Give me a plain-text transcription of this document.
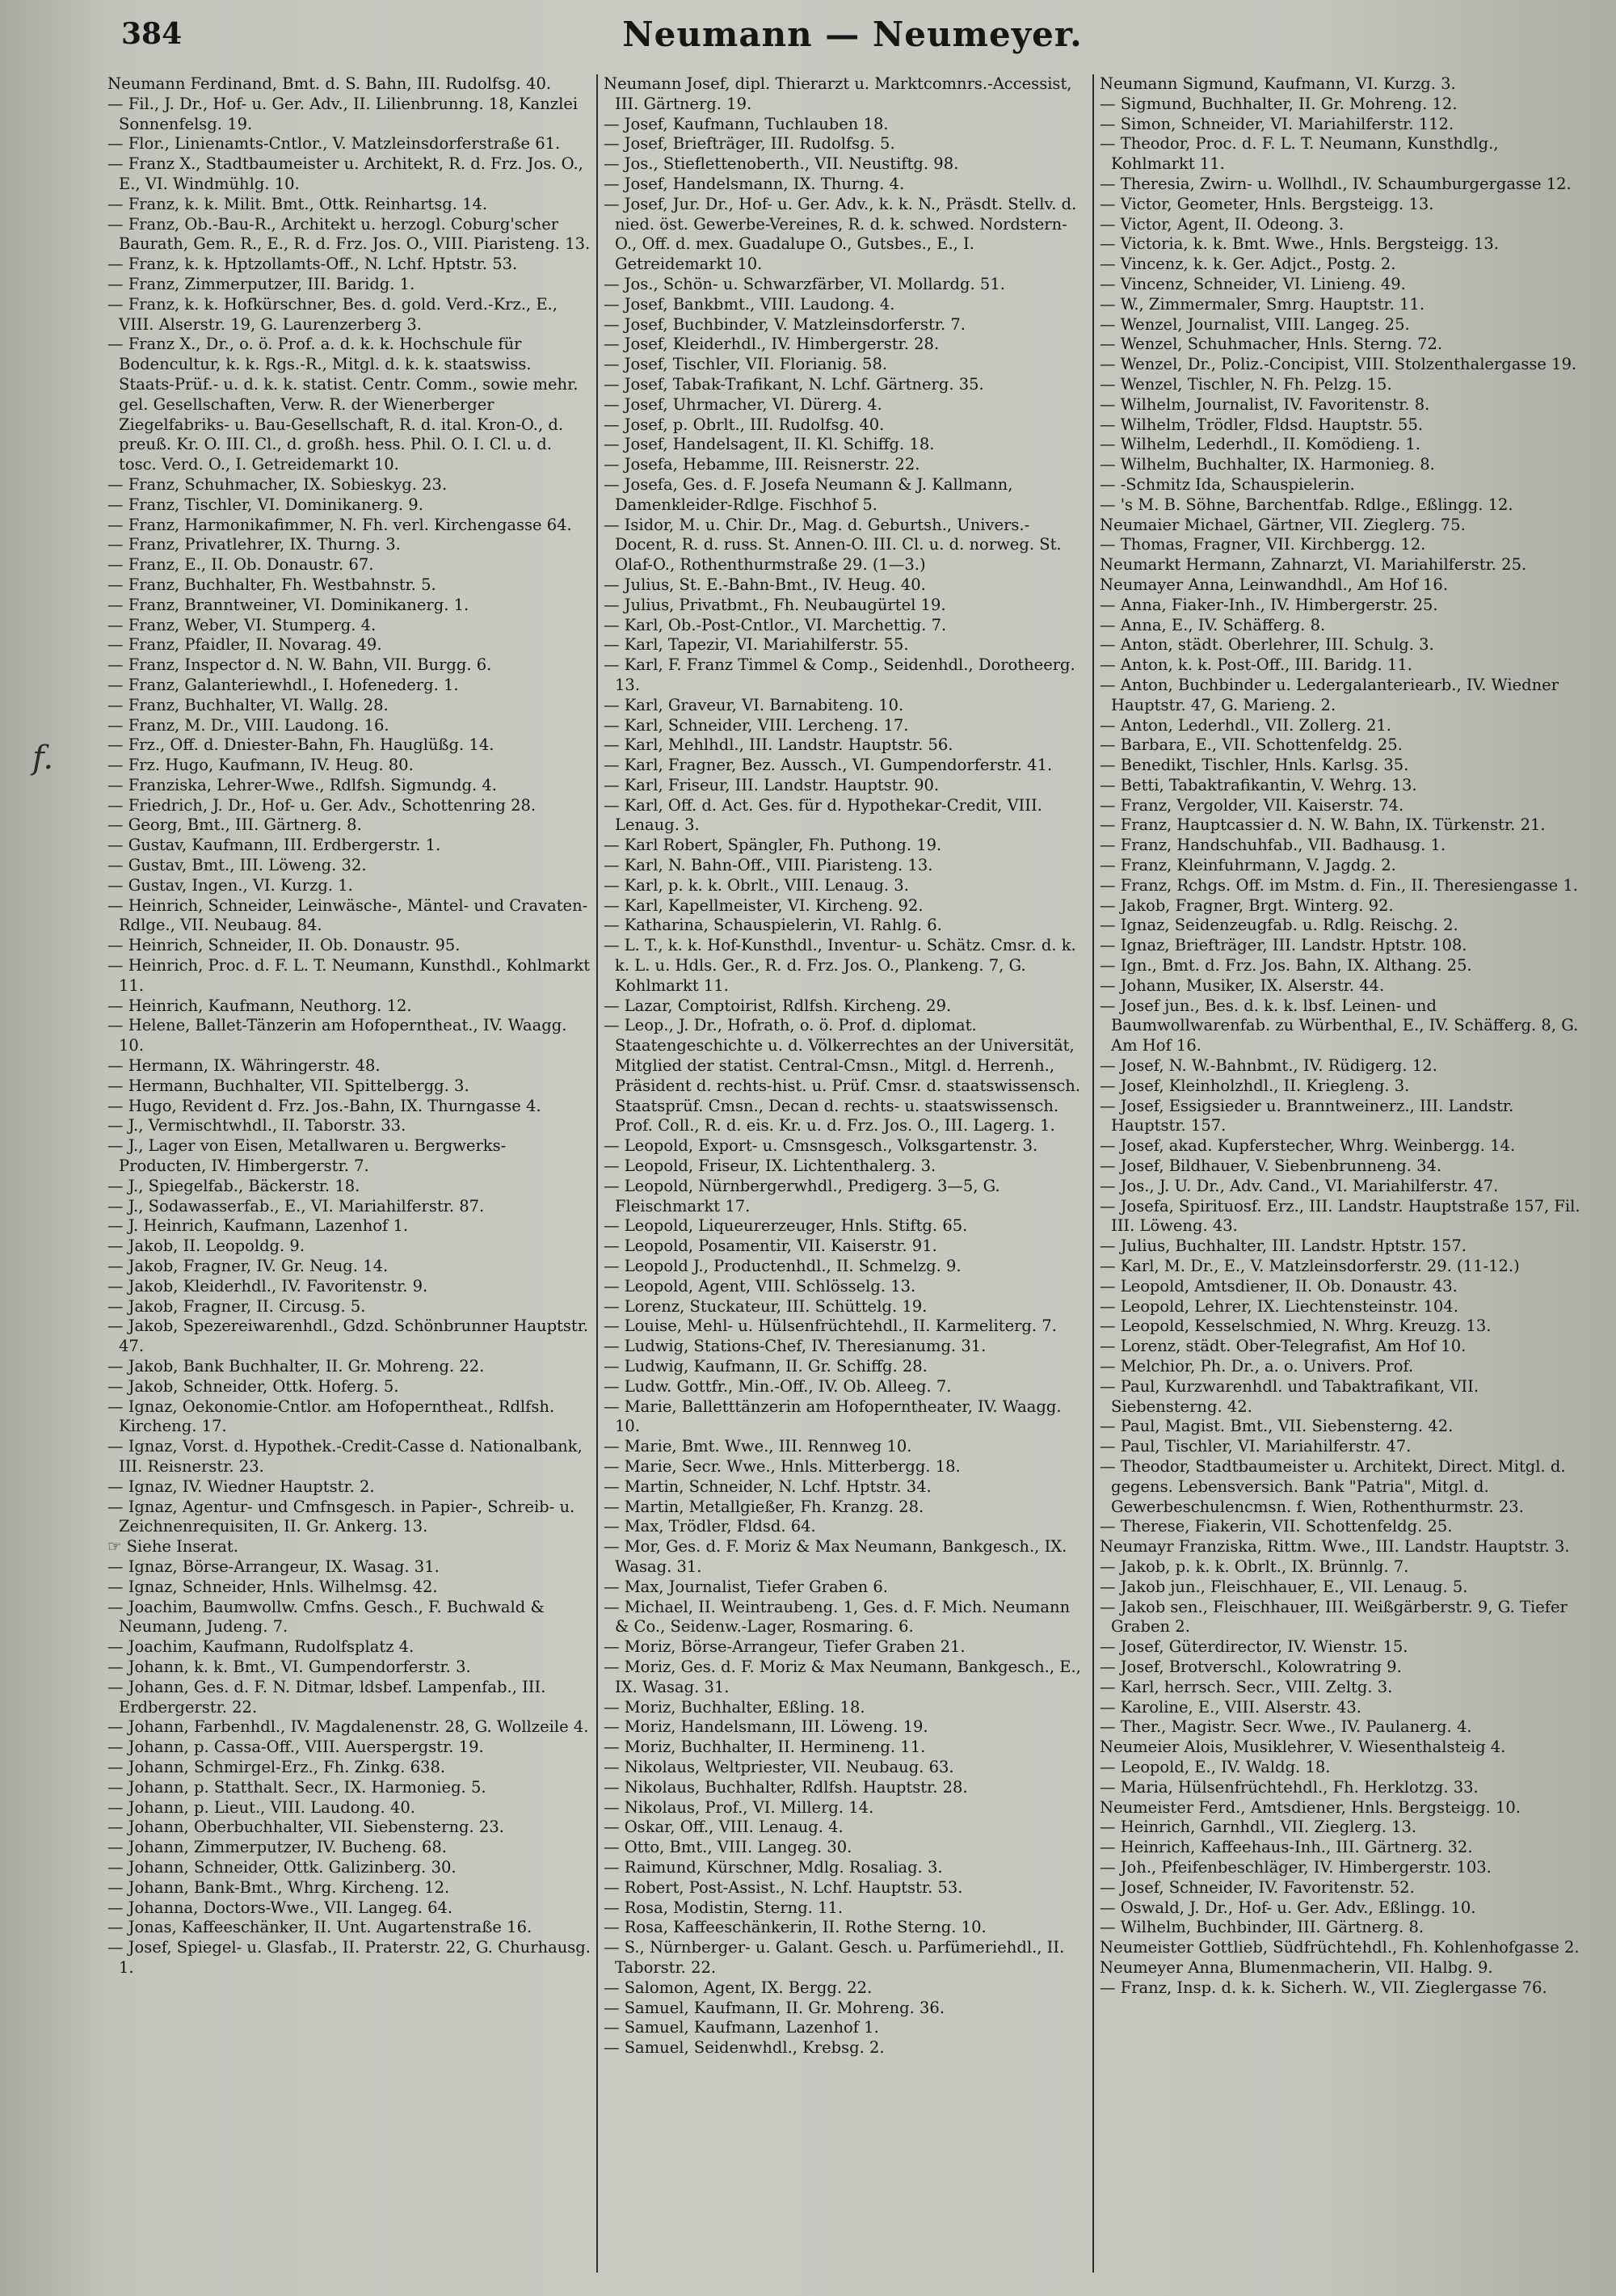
384	Neumann — Neumeyer.
f.

Neumann Ferdinand, Bmt. d. S. Bahn, III. Rudolfsg. 40.

— Fil., J. Dr., Hof- u. Ger. Adv., II. Lilienbrunng. 18, Kanzlei Sonnenfelsg. 19.

— Flor., Linienamts-Cntlor., V. Matzleinsdorferstraße 61.

— Franz X., Stadtbaumeister u. Architekt, R. d. Frz. Jos. O., E., VI. Windmühlg. 10.

— Franz, k. k. Milit. Bmt., Ottk. Reinhartsg. 14.

— Franz, Ob.-Bau-R., Architekt u. herzogl. Coburg'scher Baurath, Gem. R., E., R. d. Frz. Jos. O., VIII. Piaristeng. 13.

— Franz, k. k. Hptzollamts-Off., N. Lchf. Hptstr. 53.

— Franz, Zimmerputzer, III. Baridg. 1.

— Franz, k. k. Hofkürschner, Bes. d. gold. Verd.-Krz., E., VIII. Alserstr. 19, G. Laurenzerberg 3.

— Franz X., Dr., o. ö. Prof. a. d. k. k. Hochschule für Bodencultur, k. k. Rgs.-R., Mitgl. d. k. k. staatswiss. Staats-Prüf.- u. d. k. k. statist. Centr. Comm., sowie mehr. gel. Gesellschaften, Verw. R. der Wienerberger Ziegelfabriks- u. Bau-Gesellschaft, R. d. ital. Kron-O., d. preuß. Kr. O. III. Cl., d. großh. hess. Phil. O. I. Cl. u. d. tosc. Verd. O., I. Getreidemarkt 10.

— Franz, Schuhmacher, IX. Sobieskyg. 23.

— Franz, Tischler, VI. Dominikanerg. 9.

— Franz, Harmonikafimmer, N. Fh. verl. Kirchengasse 64.

— Franz, Privatlehrer, IX. Thurng. 3.

— Franz, E., II. Ob. Donaustr. 67.

— Franz, Buchhalter, Fh. Westbahnstr. 5.

— Franz, Branntweiner, VI. Dominikanerg. 1.

— Franz, Weber, VI. Stumperg. 4.

— Franz, Pfaidler, II. Novarag. 49.

— Franz, Inspector d. N. W. Bahn, VII. Burgg. 6.

— Franz, Galanteriewhdl., I. Hofenederg. 1.

— Franz, Buchhalter, VI. Wallg. 28.

— Franz, M. Dr., VIII. Laudong. 16.

— Frz., Off. d. Dniester-Bahn, Fh. Hauglüßg. 14.

— Frz. Hugo, Kaufmann, IV. Heug. 80.

— Franziska, Lehrer-Wwe., Rdlfsh. Sigmundg. 4.

— Friedrich, J. Dr., Hof- u. Ger. Adv., Schottenring 28.

— Georg, Bmt., III. Gärtnerg. 8.

— Gustav, Kaufmann, III. Erdbergerstr. 1.

— Gustav, Bmt., III. Löweng. 32.

— Gustav, Ingen., VI. Kurzg. 1.

— Heinrich, Schneider, Leinwäsche-, Mäntel- und Cravaten-Rdlge., VII. Neubaug. 84.

— Heinrich, Schneider, II. Ob. Donaustr. 95.

— Heinrich, Proc. d. F. L. T. Neumann, Kunsthdl., Kohlmarkt 11.

— Heinrich, Kaufmann, Neuthorg. 12.

— Helene, Ballet-Tänzerin am Hofoperntheat., IV. Waagg. 10.

— Hermann, IX. Währingerstr. 48.

— Hermann, Buchhalter, VII. Spittelbergg. 3.

— Hugo, Revident d. Frz. Jos.-Bahn, IX. Thurngasse 4.

— J., Vermischtwhdl., II. Taborstr. 33.

— J., Lager von Eisen, Metallwaren u. Bergwerks-Producten, IV. Himbergerstr. 7.

— J., Spiegelfab., Bäckerstr. 18.

— J., Sodawasserfab., E., VI. Mariahilferstr. 87.

— J. Heinrich, Kaufmann, Lazenhof 1.

— Jakob, II. Leopoldg. 9.

— Jakob, Fragner, IV. Gr. Neug. 14.

— Jakob, Kleiderhdl., IV. Favoritenstr. 9.

— Jakob, Fragner, II. Circusg. 5.

— Jakob, Spezereiwarenhdl., Gdzd. Schönbrunner Hauptstr. 47.

— Jakob, Bank Buchhalter, II. Gr. Mohreng. 22.

— Jakob, Schneider, Ottk. Hoferg. 5.

— Ignaz, Oekonomie-Cntlor. am Hofoperntheat., Rdlfsh. Kircheng. 17.

— Ignaz, Vorst. d. Hypothek.-Credit-Casse d. Nationalbank, III. Reisnerstr. 23.

— Ignaz, IV. Wiedner Hauptstr. 2.

— Ignaz, Agentur- und Cmfnsgesch. in Papier-, Schreib- u. Zeichnenrequisiten, II. Gr. Ankerg. 13.

☞ Siehe Inserat.

— Ignaz, Börse-Arrangeur, IX. Wasag. 31.

— Ignaz, Schneider, Hnls. Wilhelmsg. 42.

— Joachim, Baumwollw. Cmfns. Gesch., F. Buchwald & Neumann, Judeng. 7.

— Joachim, Kaufmann, Rudolfsplatz 4.

— Johann, k. k. Bmt., VI. Gumpendorferstr. 3.

— Johann, Ges. d. F. N. Ditmar, ldsbef. Lampenfab., III. Erdbergerstr. 22.

— Johann, Farbenhdl., IV. Magdalenenstr. 28, G. Wollzeile 4.

— Johann, p. Cassa-Off., VIII. Auerspergstr. 19.

— Johann, Schmirgel-Erz., Fh. Zinkg. 638.

— Johann, p. Statthalt. Secr., IX. Harmonieg. 5.

— Johann, p. Lieut., VIII. Laudong. 40.

— Johann, Oberbuchhalter, VII. Siebensterng. 23.

— Johann, Zimmerputzer, IV. Bucheng. 68.

— Johann, Schneider, Ottk. Galizinberg. 30.

— Johann, Bank-Bmt., Whrg. Kircheng. 12.

— Johanna, Doctors-Wwe., VII. Langeg. 64.

— Jonas, Kaffeeschänker, II. Unt. Augartenstraße 16.

— Josef, Spiegel- u. Glasfab., II. Praterstr. 22, G. Churhausg. 1.

Neumann Josef, dipl. Thierarzt u. Marktcomnrs.-Accessist, III. Gärtnerg. 19.

— Josef, Kaufmann, Tuchlauben 18.

— Josef, Briefträger, III. Rudolfsg. 5.

— Jos., Stieflettenoberth., VII. Neustiftg. 98.

— Josef, Handelsmann, IX. Thurng. 4.

— Josef, Jur. Dr., Hof- u. Ger. Adv., k. k. N., Präsdt. Stellv. d. nied. öst. Gewerbe-Vereines, R. d. k. schwed. Nordstern-O., Off. d. mex. Guadalupe O., Gutsbes., E., I. Getreidemarkt 10.

— Jos., Schön- u. Schwarzfärber, VI. Mollardg. 51.

— Josef, Bankbmt., VIII. Laudong. 4.

— Josef, Buchbinder, V. Matzleinsdorferstr. 7.

— Josef, Kleiderhdl., IV. Himbergerstr. 28.

— Josef, Tischler, VII. Florianig. 58.

— Josef, Tabak-Trafikant, N. Lchf. Gärtnerg. 35.

— Josef, Uhrmacher, VI. Dürerg. 4.

— Josef, p. Obrlt., III. Rudolfsg. 40.

— Josef, Handelsagent, II. Kl. Schiffg. 18.

— Josefa, Hebamme, III. Reisnerstr. 22.

— Josefa, Ges. d. F. Josefa Neumann & J. Kallmann, Damenkleider-Rdlge. Fischhof 5.

— Isidor, M. u. Chir. Dr., Mag. d. Geburtsh., Univers.-Docent, R. d. russ. St. Annen-O. III. Cl. u. d. norweg. St. Olaf-O., Rothenthurmstraße 29. (1—3.)

— Julius, St. E.-Bahn-Bmt., IV. Heug. 40.

— Julius, Privatbmt., Fh. Neubaugürtel 19.

— Karl, Ob.-Post-Cntlor., VI. Marchettig. 7.

— Karl, Tapezir, VI. Mariahilferstr. 55.

— Karl, F. Franz Timmel & Comp., Seidenhdl., Dorotheerg. 13.

— Karl, Graveur, VI. Barnabiteng. 10.

— Karl, Schneider, VIII. Lercheng. 17.

— Karl, Mehlhdl., III. Landstr. Hauptstr. 56.

— Karl, Fragner, Bez. Aussch., VI. Gumpendorferstr. 41.

— Karl, Friseur, III. Landstr. Hauptstr. 90.

— Karl, Off. d. Act. Ges. für d. Hypothekar-Credit, VIII. Lenaug. 3.

— Karl Robert, Spängler, Fh. Puthong. 19.

— Karl, N. Bahn-Off., VIII. Piaristeng. 13.

— Karl, p. k. k. Obrlt., VIII. Lenaug. 3.

— Karl, Kapellmeister, VI. Kircheng. 92.

— Katharina, Schauspielerin, VI. Rahlg. 6.

— L. T., k. k. Hof-Kunsthdl., Inventur- u. Schätz. Cmsr. d. k. k. L. u. Hdls. Ger., R. d. Frz. Jos. O., Plankeng. 7, G. Kohlmarkt 11.

— Lazar, Comptoirist, Rdlfsh. Kircheng. 29.

— Leop., J. Dr., Hofrath, o. ö. Prof. d. diplomat. Staatengeschichte u. d. Völkerrechtes an der Universität, Mitglied der statist. Central-Cmsn., Mitgl. d. Herrenh., Präsident d. rechts-hist. u. Prüf. Cmsr. d. staatswissensch. Staatsprüf. Cmsn., Decan d. rechts- u. staatswissensch. Prof. Coll., R. d. eis. Kr. u. d. Frz. Jos. O., III. Lagerg. 1.

— Leopold, Export- u. Cmsnsgesch., Volksgartenstr. 3.

— Leopold, Friseur, IX. Lichtenthalerg. 3.

— Leopold, Nürnbergerwhdl., Predigerg. 3—5, G. Fleischmarkt 17.

— Leopold, Liqueurerzeuger, Hnls. Stiftg. 65.

— Leopold, Posamentir, VII. Kaiserstr. 91.

— Leopold J., Productenhdl., II. Schmelzg. 9.

— Leopold, Agent, VIII. Schlösselg. 13.

— Lorenz, Stuckateur, III. Schüttelg. 19.

— Louise, Mehl- u. Hülsenfrüchtehdl., II. Karmeliterg. 7.

— Ludwig, Stations-Chef, IV. Theresianumg. 31.

— Ludwig, Kaufmann, II. Gr. Schiffg. 28.

— Ludw. Gottfr., Min.-Off., IV. Ob. Alleeg. 7.

— Marie, Balletttänzerin am Hofoperntheater, IV. Waagg. 10.

— Marie, Bmt. Wwe., III. Rennweg 10.

— Marie, Secr. Wwe., Hnls. Mitterbergg. 18.

— Martin, Schneider, N. Lchf. Hptstr. 34.

— Martin, Metallgießer, Fh. Kranzg. 28.

— Max, Trödler, Fldsd. 64.

— Mor, Ges. d. F. Moriz & Max Neumann, Bankgesch., IX. Wasag. 31.

— Max, Journalist, Tiefer Graben 6.

— Michael, II. Weintraubeng. 1, Ges. d. F. Mich. Neumann & Co., Seidenw.-Lager, Rosmaring. 6.

— Moriz, Börse-Arrangeur, Tiefer Graben 21.

— Moriz, Ges. d. F. Moriz & Max Neumann, Bankgesch., E., IX. Wasag. 31.

— Moriz, Buchhalter, Eßling. 18.

— Moriz, Handelsmann, III. Löweng. 19.

— Moriz, Buchhalter, II. Hermineng. 11.

— Nikolaus, Weltpriester, VII. Neubaug. 63.

— Nikolaus, Buchhalter, Rdlfsh. Hauptstr. 28.

— Nikolaus, Prof., VI. Millerg. 14.

— Oskar, Off., VIII. Lenaug. 4.

— Otto, Bmt., VIII. Langeg. 30.

— Raimund, Kürschner, Mdlg. Rosaliag. 3.

— Robert, Post-Assist., N. Lchf. Hauptstr. 53.

— Rosa, Modistin, Sterng. 11.

— Rosa, Kaffeeschänkerin, II. Rothe Sterng. 10.

— S., Nürnberger- u. Galant. Gesch. u. Parfümeriehdl., II. Taborstr. 22.

— Salomon, Agent, IX. Bergg. 22.

— Samuel, Kaufmann, II. Gr. Mohreng. 36.

— Samuel, Kaufmann, Lazenhof 1.

— Samuel, Seidenwhdl., Krebsg. 2.

Neumann Sigmund, Kaufmann, VI. Kurzg. 3.

— Sigmund, Buchhalter, II. Gr. Mohreng. 12.

— Simon, Schneider, VI. Mariahilferstr. 112.

— Theodor, Proc. d. F. L. T. Neumann, Kunsthdlg., Kohlmarkt 11.

— Theresia, Zwirn- u. Wollhdl., IV. Schaumburgergasse 12.

— Victor, Geometer, Hnls. Bergsteigg. 13.

— Victor, Agent, II. Odeong. 3.

— Victoria, k. k. Bmt. Wwe., Hnls. Bergsteigg. 13.

— Vincenz, k. k. Ger. Adjct., Postg. 2.

— Vincenz, Schneider, VI. Linieng. 49.

— W., Zimmermaler, Smrg. Hauptstr. 11.

— Wenzel, Journalist, VIII. Langeg. 25.

— Wenzel, Schuhmacher, Hnls. Sterng. 72.

— Wenzel, Dr., Poliz.-Concipist, VIII. Stolzenthalergasse 19.

— Wenzel, Tischler, N. Fh. Pelzg. 15.

— Wilhelm, Journalist, IV. Favoritenstr. 8.

— Wilhelm, Trödler, Fldsd. Hauptstr. 55.

— Wilhelm, Lederhdl., II. Komödieng. 1.

— Wilhelm, Buchhalter, IX. Harmonieg. 8.

— -Schmitz Ida, Schauspielerin.

— 's M. B. Söhne, Barchentfab. Rdlge., Eßlingg. 12.

Neumaier Michael, Gärtner, VII. Zieglerg. 75.

— Thomas, Fragner, VII. Kirchbergg. 12.

Neumarkt Hermann, Zahnarzt, VI. Mariahilferstr. 25.

Neumayer Anna, Leinwandhdl., Am Hof 16.

— Anna, Fiaker-Inh., IV. Himbergerstr. 25.

— Anna, E., IV. Schäfferg. 8.

— Anton, städt. Oberlehrer, III. Schulg. 3.

— Anton, k. k. Post-Off., III. Baridg. 11.

— Anton, Buchbinder u. Ledergalanteriearb., IV. Wiedner Hauptstr. 47, G. Marieng. 2.

— Anton, Lederhdl., VII. Zollerg. 21.

— Barbara, E., VII. Schottenfeldg. 25.

— Benedikt, Tischler, Hnls. Karlsg. 35.

— Betti, Tabaktrafikantin, V. Wehrg. 13.

— Franz, Vergolder, VII. Kaiserstr. 74.

— Franz, Hauptcassier d. N. W. Bahn, IX. Türkenstr. 21.

— Franz, Handschuhfab., VII. Badhausg. 1.

— Franz, Kleinfuhrmann, V. Jagdg. 2.

— Franz, Rchgs. Off. im Mstm. d. Fin., II. Theresiengasse 1.

— Jakob, Fragner, Brgt. Winterg. 92.

— Ignaz, Seidenzeugfab. u. Rdlg. Reischg. 2.

— Ignaz, Briefträger, III. Landstr. Hptstr. 108.

— Ign., Bmt. d. Frz. Jos. Bahn, IX. Althang. 25.

— Johann, Musiker, IX. Alserstr. 44.

— Josef jun., Bes. d. k. k. lbsf. Leinen- und Baumwollwarenfab. zu Würbenthal, E., IV. Schäfferg. 8, G. Am Hof 16.

— Josef, N. W.-Bahnbmt., IV. Rüdigerg. 12.

— Josef, Kleinholzhdl., II. Kriegleng. 3.

— Josef, Essigsieder u. Branntweinerz., III. Landstr. Hauptstr. 157.

— Josef, akad. Kupferstecher, Whrg. Weinbergg. 14.

— Josef, Bildhauer, V. Siebenbrunneng. 34.

— Jos., J. U. Dr., Adv. Cand., VI. Mariahilferstr. 47.

— Josefa, Spirituosf. Erz., III. Landstr. Hauptstraße 157, Fil. III. Löweng. 43.

— Julius, Buchhalter, III. Landstr. Hptstr. 157.

— Karl, M. Dr., E., V. Matzleinsdorferstr. 29. (11-12.)

— Leopold, Amtsdiener, II. Ob. Donaustr. 43.

— Leopold, Lehrer, IX. Liechtensteinstr. 104.

— Leopold, Kesselschmied, N. Whrg. Kreuzg. 13.

— Lorenz, städt. Ober-Telegrafist, Am Hof 10.

— Melchior, Ph. Dr., a. o. Univers. Prof.

— Paul, Kurzwarenhdl. und Tabaktrafikant, VII. Siebensterng. 42.

— Paul, Magist. Bmt., VII. Siebensterng. 42.

— Paul, Tischler, VI. Mariahilferstr. 47.

— Theodor, Stadtbaumeister u. Architekt, Direct. Mitgl. d. gegens. Lebensversich. Bank "Patria", Mitgl. d. Gewerbeschulencmsn. f. Wien, Rothenthurmstr. 23.

— Therese, Fiakerin, VII. Schottenfeldg. 25.

Neumayr Franziska, Rittm. Wwe., III. Landstr. Hauptstr. 3.

— Jakob, p. k. k. Obrlt., IX. Brünnlg. 7.

— Jakob jun., Fleischhauer, E., VII. Lenaug. 5.

— Jakob sen., Fleischhauer, III. Weißgärberstr. 9, G. Tiefer Graben 2.

— Josef, Güterdirector, IV. Wienstr. 15.

— Josef, Brotverschl., Kolowratring 9.

— Karl, herrsch. Secr., VIII. Zeltg. 3.

— Karoline, E., VIII. Alserstr. 43.

— Ther., Magistr. Secr. Wwe., IV. Paulanerg. 4.

Neumeier Alois, Musiklehrer, V. Wiesenthalsteig 4.

— Leopold, E., IV. Waldg. 18.

— Maria, Hülsenfrüchtehdl., Fh. Herklotzg. 33.

Neumeister Ferd., Amtsdiener, Hnls. Bergsteigg. 10.

— Heinrich, Garnhdl., VII. Zieglerg. 13.

— Heinrich, Kaffeehaus-Inh., III. Gärtnerg. 32.

— Joh., Pfeifenbeschläger, IV. Himbergerstr. 103.

— Josef, Schneider, IV. Favoritenstr. 52.

— Oswald, J. Dr., Hof- u. Ger. Adv., Eßlingg. 10.

— Wilhelm, Buchbinder, III. Gärtnerg. 8.

Neumeister Gottlieb, Südfrüchtehdl., Fh. Kohlenhofgasse 2.

Neumeyer Anna, Blumenmacherin, VII. Halbg. 9.

— Franz, Insp. d. k. k. Sicherh. W., VII. Zieglergasse 76.
